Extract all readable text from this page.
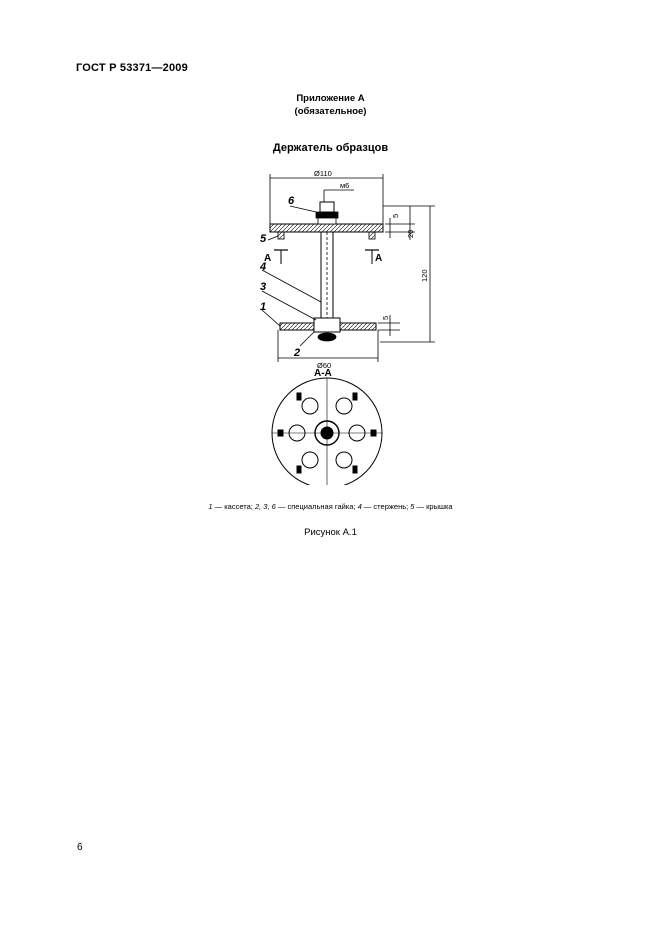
ГОСТ Р 53371—2009
Приложение А
(обязательное)
Держатель образцов
6
5
4
3
1
2
Ø110
м6
5
20
120
5
Ø60
А	А
А-А
1 — кассета; 2, 3, 6 — специальная гайка; 4 — стержень; 5 — крышка
Рисунок А.1
6
